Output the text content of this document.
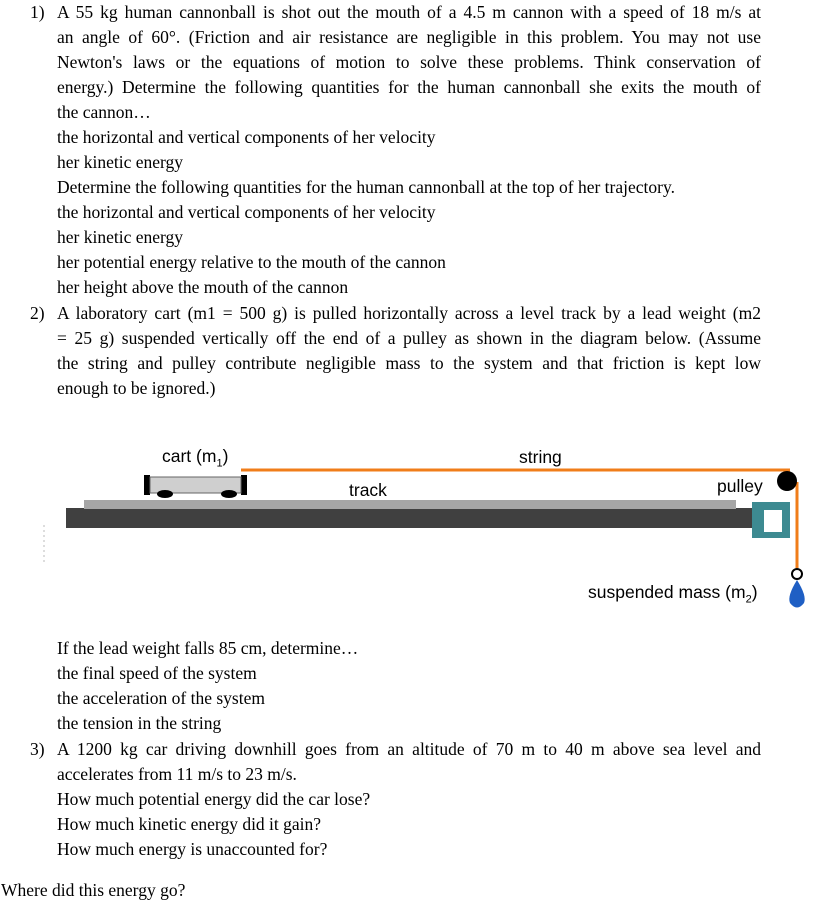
1) A 55 kg human cannonball is shot out the mouth of a 4.5 m cannon with a speed of 18 m/s at
an angle of 60°. (Friction and air resistance are negligible in this problem. You may not use
Newton's laws or the equations of motion to solve these problems. Think conservation of
energy.) Determine the following quantities for the human cannonball she exits the mouth of
the cannon…
the horizontal and vertical components of her velocity
her kinetic energy
Determine the following quantities for the human cannonball at the top of her trajectory.
the horizontal and vertical components of her velocity
her kinetic energy
her potential energy relative to the mouth of the cannon
her height above the mouth of the cannon
2) A laboratory cart (m1 = 500 g) is pulled horizontally across a level track by a lead weight (m2
= 25 g) suspended vertically off the end of a pulley as shown in the diagram below. (Assume
the string and pulley contribute negligible mass to the system and that friction is kept low
enough to be ignored.)
cart $(m_1)$	string
track	pulley
suspended mass $(m_2)$
If the lead weight falls 85 cm, determine…
the final speed of the system
the acceleration of the system
the tension in the string
3) A 1200 kg car driving downhill goes from an altitude of 70 m to 40 m above sea level and
accelerates from 11 m/s to 23 m/s.
How much potential energy did the car lose?
How much kinetic energy did it gain?
How much energy is unaccounted for?
Where did this energy go?
